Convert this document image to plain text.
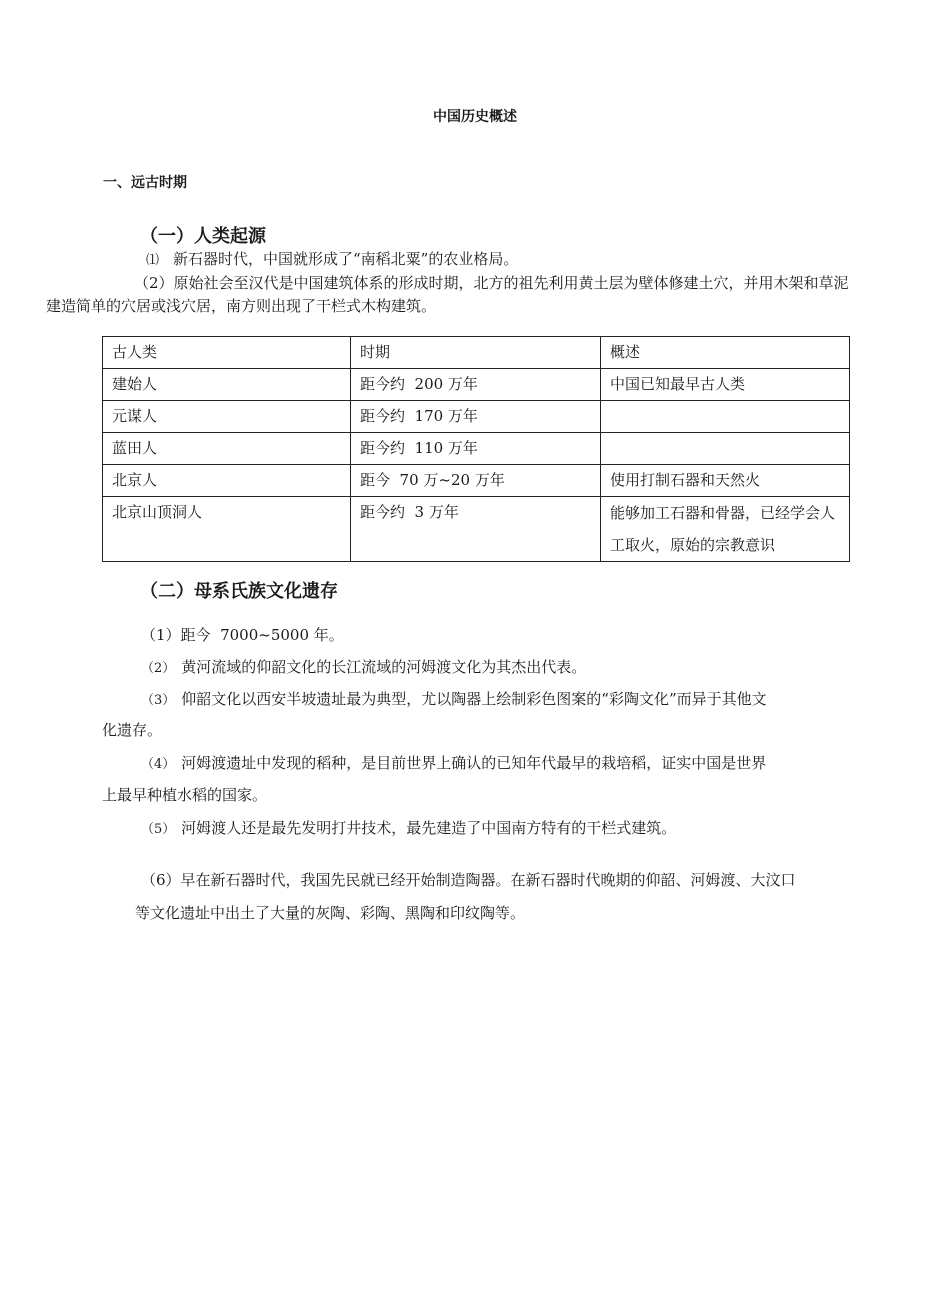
中国历史概述
一、远古时期
（一）人类起源
⑴ 新石器时代，中国就形成了“南稻北粟”的农业格局。
（2）原始社会至汉代是中国建筑体系的形成时期，北方的祖先利用黄土层为壁体修建土穴，并用木架和草泥
建造简单的穴居或浅穴居，南方则出现了干栏式木构建筑。
古人类	时期	概述
建始人	距今约  200 万年	中国已知最早古人类
元谋人	距今约  170 万年	
蓝田人	距今约  110 万年	
北京人	距今  70 万~20 万年	使用打制石器和天然火
北京山顶洞人	距今约  3 万年	能够加工石器和骨器，已经学会人工取火，原始的宗教意识
（二）母系氏族文化遗存
（1）距今  7000~5000 年。
（2） 黄河流域的仰韶文化的长江流域的河姆渡文化为其杰出代表。
（3） 仰韶文化以西安半坡遗址最为典型，尤以陶器上绘制彩色图案的“彩陶文化”而异于其他文
化遗存。
（4） 河姆渡遗址中发现的稻种，是目前世界上确认的已知年代最早的栽培稻，证实中国是世界
上最早种植水稻的国家。
（5） 河姆渡人还是最先发明打井技术，最先建造了中国南方特有的干栏式建筑。
（6）早在新石器时代，我国先民就已经开始制造陶器。在新石器时代晚期的仰韶、河姆渡、大汶口
等文化遗址中出土了大量的灰陶、彩陶、黑陶和印纹陶等。
